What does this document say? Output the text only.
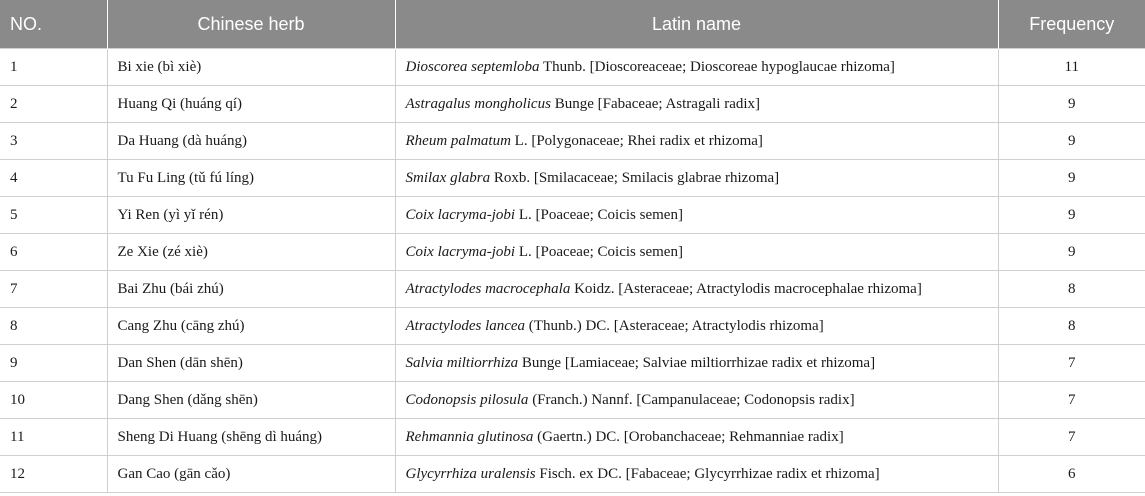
NO.	Chinese herb	Latin name	Frequency
1	Bi xie (bì xiè)	Dioscorea septemloba Thunb. [Dioscoreaceae; Dioscoreae hypoglaucae rhizoma]	11
2	Huang Qi (huáng qí)	Astragalus mongholicus Bunge [Fabaceae; Astragali radix]	9
3	Da Huang (dà huáng)	Rheum palmatum L. [Polygonaceae; Rhei radix et rhizoma]	9
4	Tu Fu Ling (tǔ fú líng)	Smilax glabra Roxb. [Smilacaceae; Smilacis glabrae rhizoma]	9
5	Yi Ren (yì yǐ rén)	Coix lacryma-jobi L. [Poaceae; Coicis semen]	9
6	Ze Xie (zé xiè)	Coix lacryma-jobi L. [Poaceae; Coicis semen]	9
7	Bai Zhu (bái zhú)	Atractylodes macrocephala Koidz. [Asteraceae; Atractylodis macrocephalae rhizoma]	8
8	Cang Zhu (cāng zhú)	Atractylodes lancea (Thunb.) DC. [Asteraceae; Atractylodis rhizoma]	8
9	Dan Shen (dān shēn)	Salvia miltiorrhiza Bunge [Lamiaceae; Salviae miltiorrhizae radix et rhizoma]	7
10	Dang Shen (dǎng shēn)	Codonopsis pilosula (Franch.) Nannf. [Campanulaceae; Codonopsis radix]	7
11	Sheng Di Huang (shēng dì huáng)	Rehmannia glutinosa (Gaertn.) DC. [Orobanchaceae; Rehmanniae radix]	7
12	Gan Cao (gān cǎo)	Glycyrrhiza uralensis Fisch. ex DC. [Fabaceae; Glycyrrhizae radix et rhizoma]	6
